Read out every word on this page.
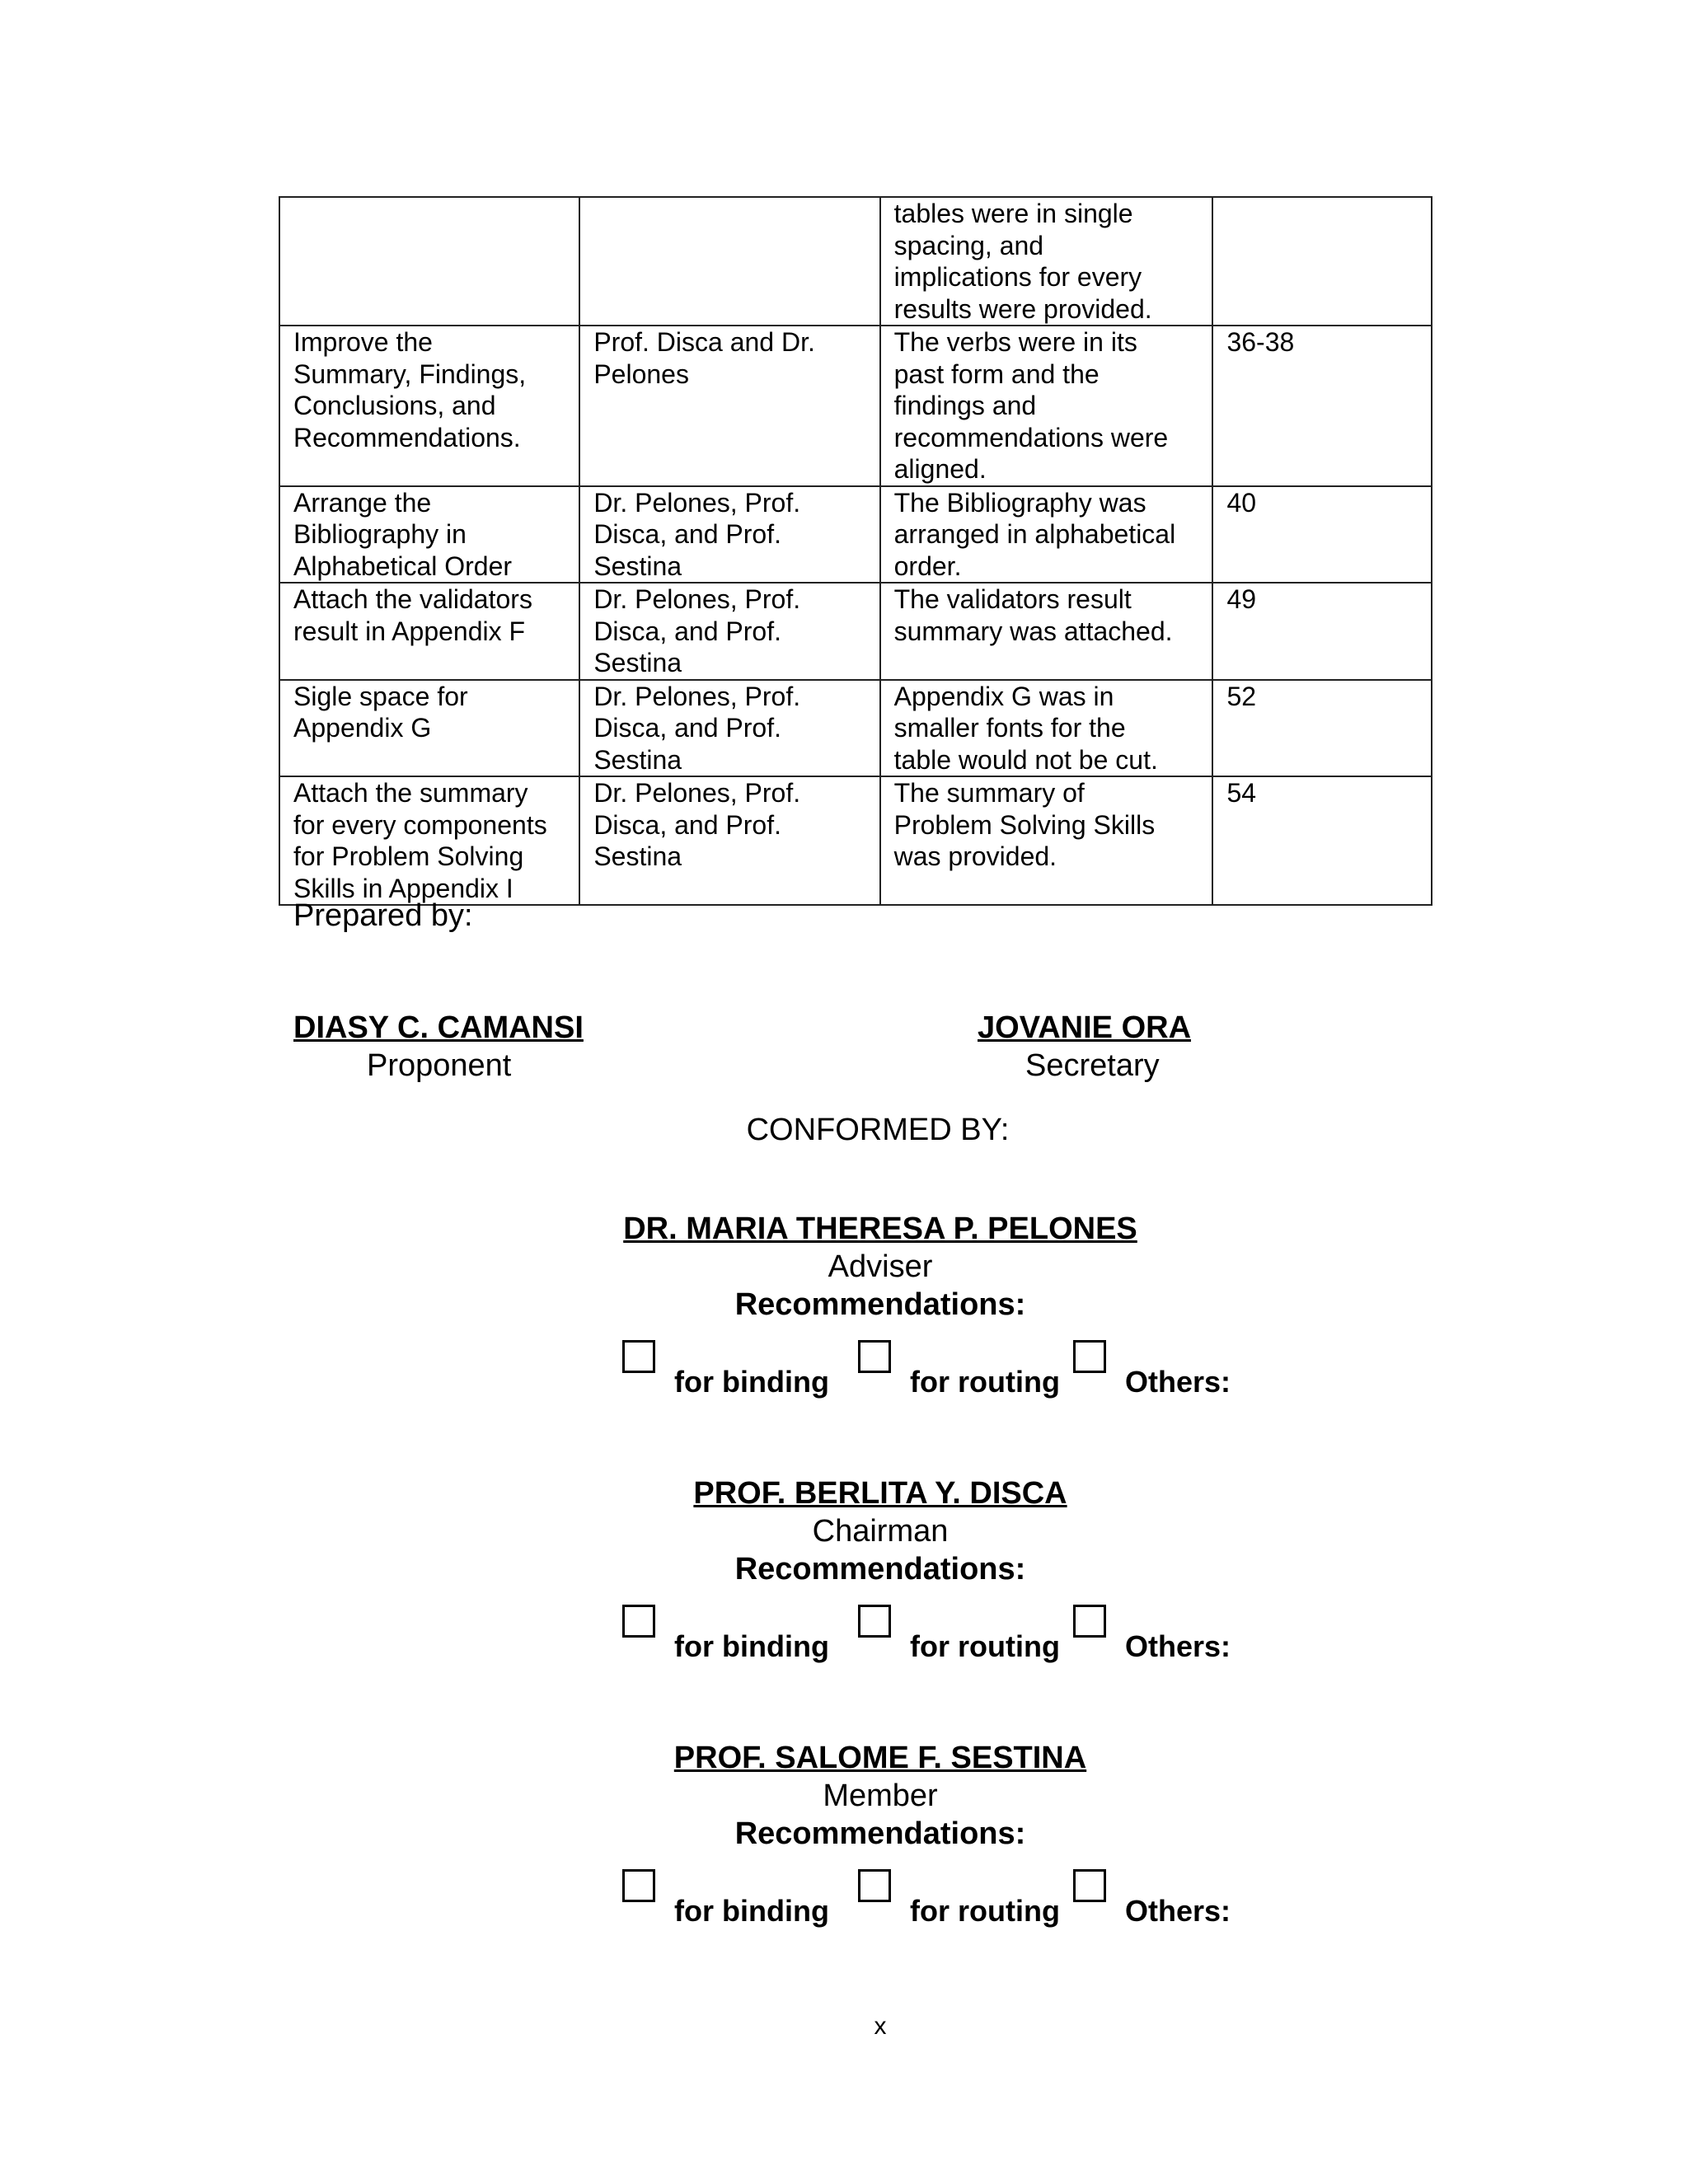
		tables were in single
spacing, and
implications for every
results were provided.	
Improve the
Summary, Findings,
Conclusions, and
Recommendations.	Prof. Disca and Dr.
Pelones	The verbs were in its
past form and the
findings and
recommendations were
aligned.	36-38
Arrange the
Bibliography in
Alphabetical Order	Dr. Pelones, Prof.
Disca, and Prof.
Sestina	The Bibliography was
arranged in alphabetical
order.	40
Attach the validators
result in Appendix F	Dr. Pelones, Prof.
Disca, and Prof.
Sestina	The validators result
summary was attached.	49
Sigle space for
Appendix G	Dr. Pelones, Prof.
Disca, and Prof.
Sestina	Appendix G was in
smaller fonts for the
table would not be cut.	52
Attach the summary
for every components
for Problem Solving
Skills in Appendix I	Dr. Pelones, Prof.
Disca, and Prof.
Sestina	The summary of
Problem Solving Skills
was provided.	54
Prepared by:
DIASY C. CAMANSI
Proponent
JOVANIE ORA
Secretary
CONFORMED BY:
DR. MARIA THERESA P. PELONES
Adviser
Recommendations:
for binding	for routing Others:
PROF. BERLITA Y. DISCA
Chairman
Recommendations:
for binding	for routing Others:
PROF. SALOME F. SESTINA
Member
Recommendations:
for binding	for routing Others:
x
